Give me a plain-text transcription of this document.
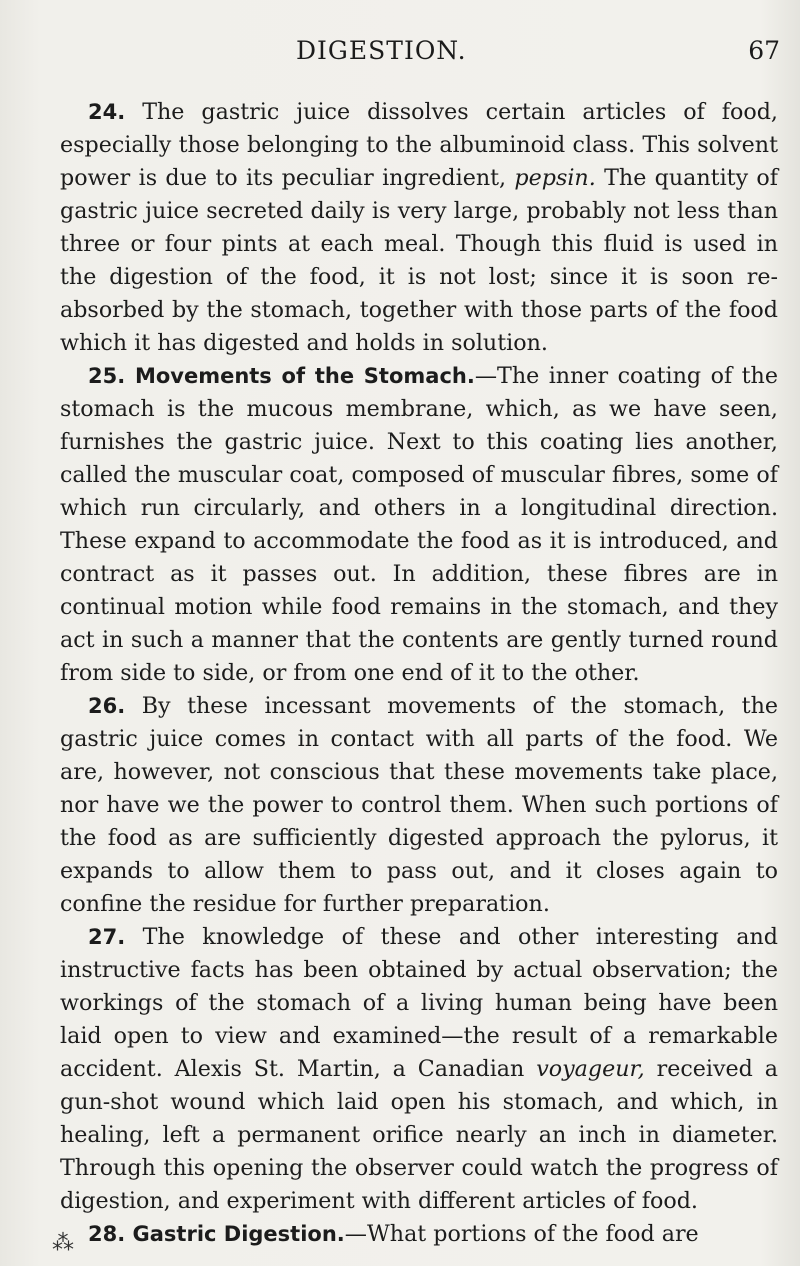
DIGESTION.	67

24. The gastric juice dissolves certain articles of food, especially those belonging to the albuminoid class. This solvent power is due to its peculiar ingredient, pepsin. The quantity of gastric juice secreted daily is very large, probably not less than three or four pints at each meal. Though this fluid is used in the digestion of the food, it is not lost; since it is soon re-absorbed by the stomach, together with those parts of the food which it has digested and holds in solution.

25. Movements of the Stomach.—The inner coating of the stomach is the mucous membrane, which, as we have seen, furnishes the gastric juice. Next to this coating lies another, called the muscular coat, composed of muscular fibres, some of which run circularly, and others in a longitudinal direction. These expand to accommodate the food as it is introduced, and contract as it passes out. In addition, these fibres are in continual motion while food remains in the stomach, and they act in such a manner that the contents are gently turned round from side to side, or from one end of it to the other.

26. By these incessant movements of the stomach, the gastric juice comes in contact with all parts of the food. We are, however, not conscious that these movements take place, nor have we the power to control them. When such portions of the food as are sufficiently digested approach the pylorus, it expands to allow them to pass out, and it closes again to confine the residue for further preparation.

27. The knowledge of these and other interesting and instructive facts has been obtained by actual observation; the workings of the stomach of a living human being have been laid open to view and examined—the result of a remarkable accident. Alexis St. Martin, a Canadian voyageur, received a gun-shot wound which laid open his stomach, and which, in healing, left a permanent orifice nearly an inch in diameter. Through this opening the observer could watch the progress of digestion, and experiment with different articles of food.

28. Gastric Digestion.—What portions of the food are

⁂
